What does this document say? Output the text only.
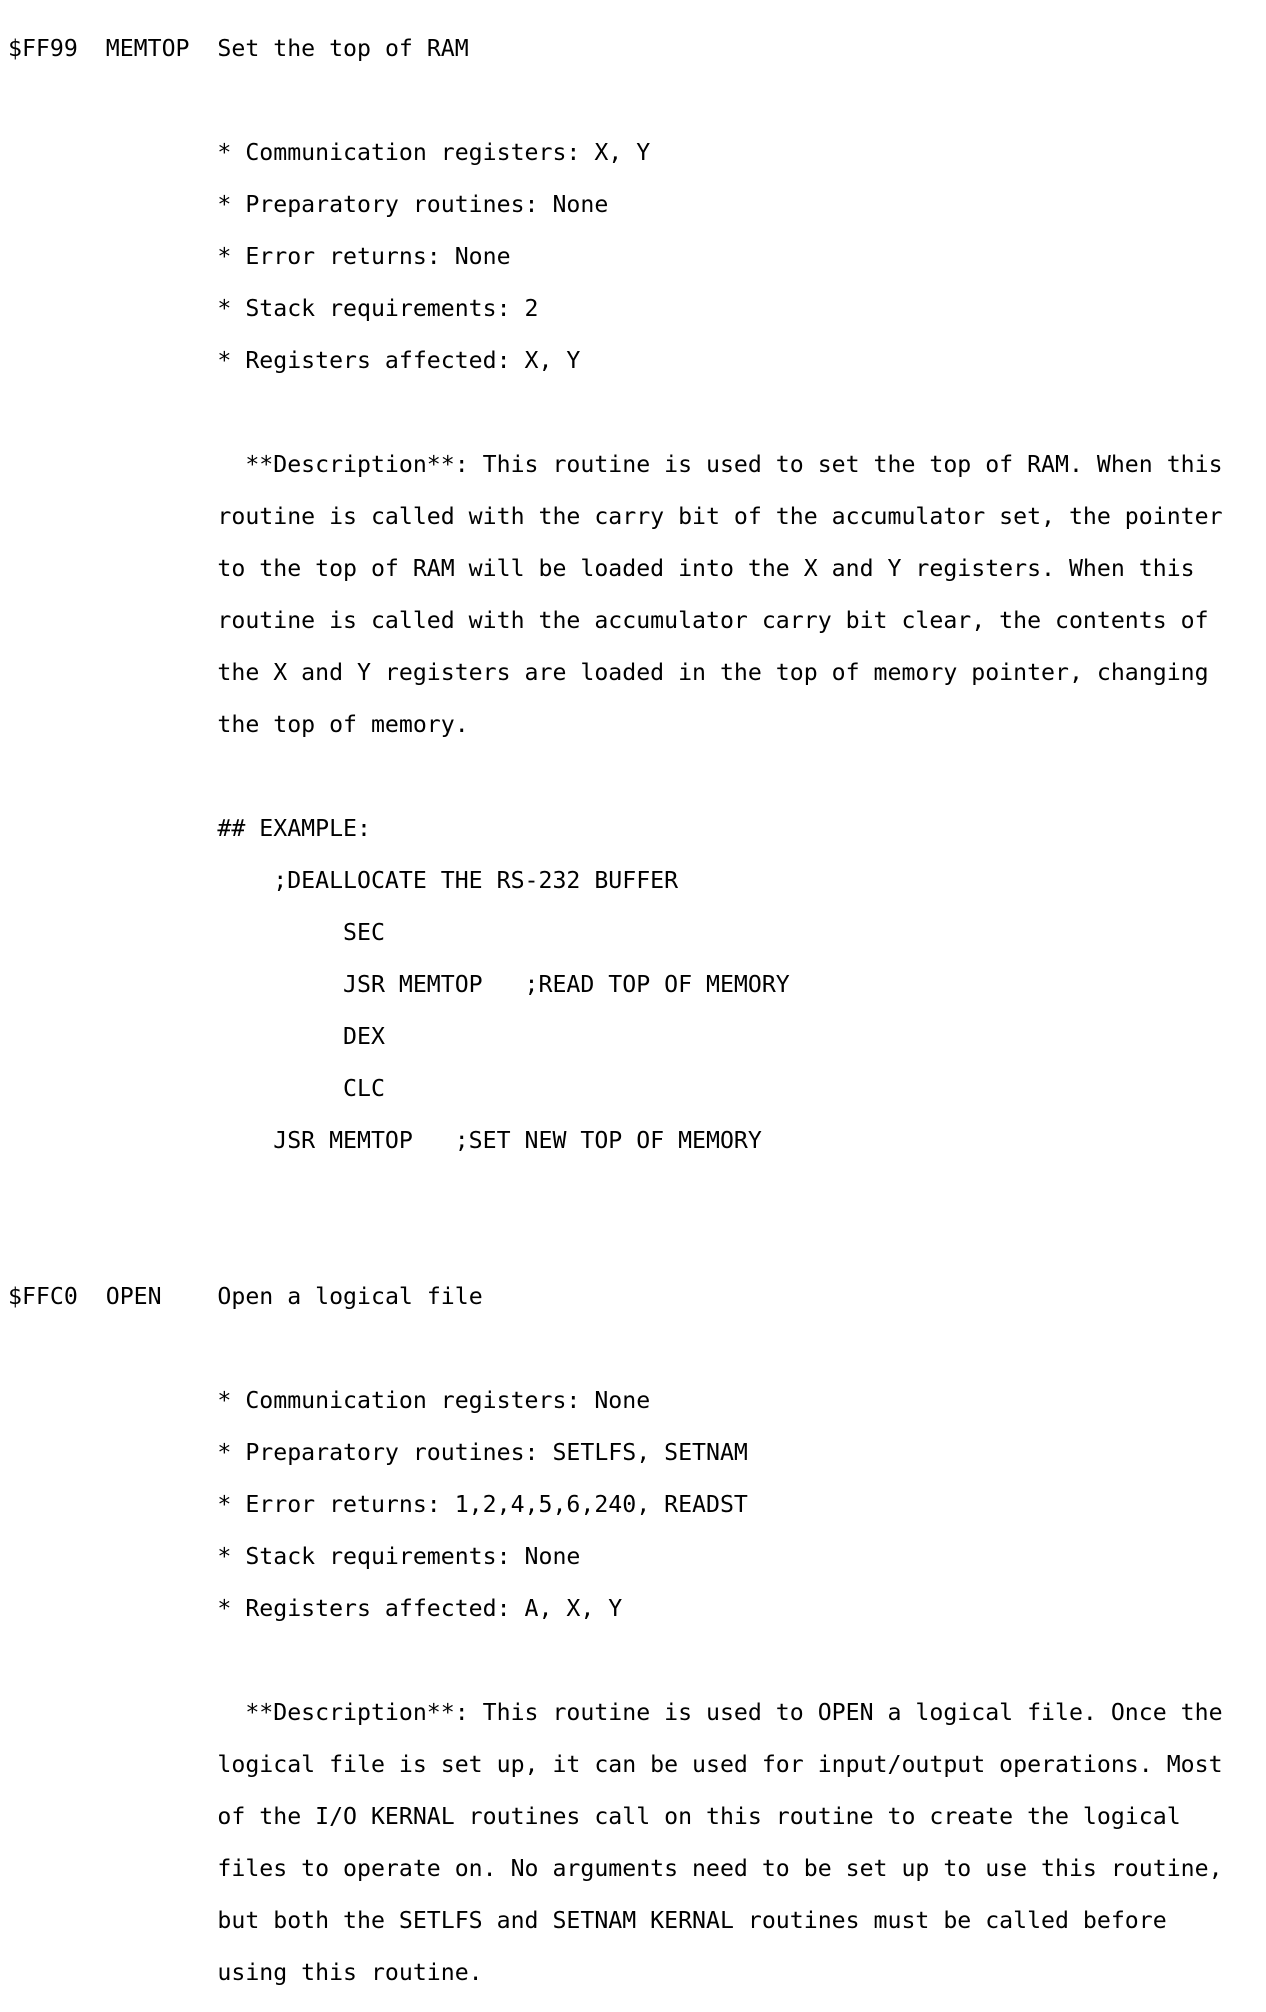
$FF99 MEMTOP Set the top of RAM

* Communication registers: X, Y

* Preparatory routines: None

* Error returns: None

* Stack requirements: 2

* Registers affected: X, Y

**Description**: This routine is used to set the top of RAM. When this

routine is called with the carry bit of the accumulator set, the pointer

to the top of RAM will be loaded into the X and Y registers. When this

routine is called with the accumulator carry bit clear, the contents of

the X and Y registers are loaded in the top of memory pointer, changing

the top of memory.

## EXAMPLE:

;DEALLOCATE THE RS-232 BUFFER

SEC

JSR MEMTOP   ;READ TOP OF MEMORY

DEX

CLC

JSR MEMTOP   ;SET NEW TOP OF MEMORY

$FFC0 OPEN Open a logical file

* Communication registers: None

* Preparatory routines: SETLFS, SETNAM

* Error returns: 1,2,4,5,6,240, READST

* Stack requirements: None

* Registers affected: A, X, Y

**Description**: This routine is used to OPEN a logical file. Once the

logical file is set up, it can be used for input/output operations. Most

of the I/O KERNAL routines call on this routine to create the logical

files to operate on. No arguments need to be set up to use this routine,

but both the SETLFS and SETNAM KERNAL routines must be called before

using this routine.
